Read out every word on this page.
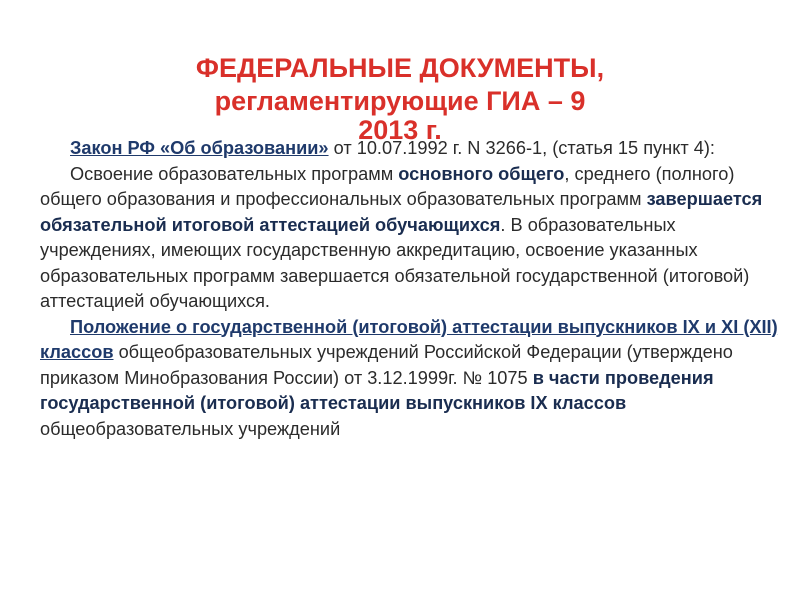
ФЕДЕРАЛЬНЫЕ ДОКУМЕНТЫ,
регламентирующие ГИА – 9
2013 г.

Закон РФ «Об образовании» от 10.07.1992 г. N 3266-1, (статья 15 пункт 4):

Освоение образовательных программ основного общего, среднего (полного) общего образования и профессиональных образовательных программ завершается обязательной итоговой аттестацией обучающихся. В образовательных учреждениях, имеющих государственную аккредитацию, освоение указанных образовательных программ завершается обязательной государственной (итоговой) аттестацией обучающихся.

Положение о государственной (итоговой) аттестации выпускников IX и XI (XII) классов общеобразовательных учреждений Российской Федерации (утверждено приказом Минобразования России) от 3.12.1999г. № 1075 в части проведения государственной (итоговой) аттестации выпускников IX классов общеобразовательных учреждений
